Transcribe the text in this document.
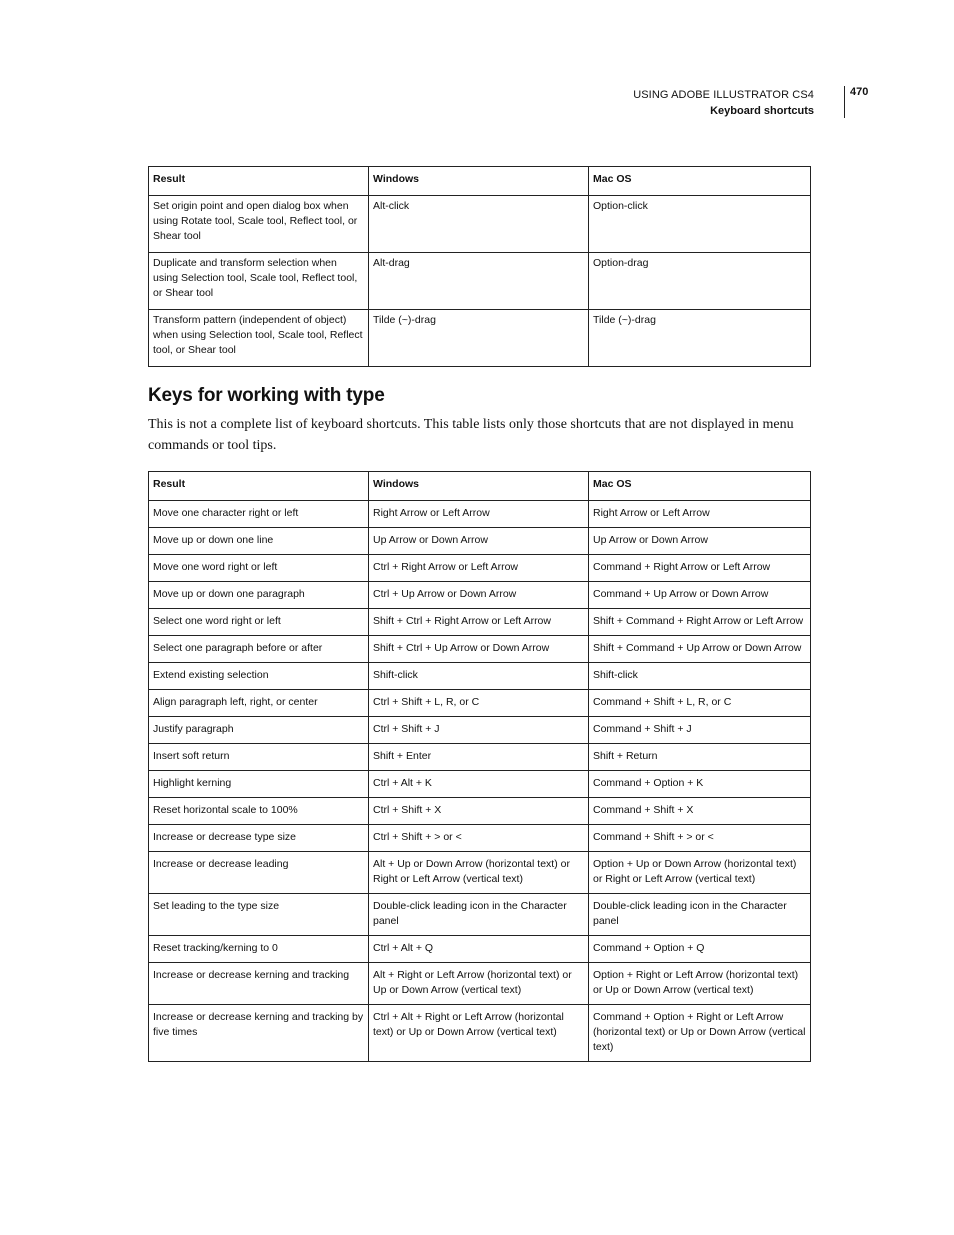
USING ADOBE ILLUSTRATOR CS4
Keyboard shortcuts
470
Result	Windows	Mac OS
Set origin point and open dialog box when using Rotate tool, Scale tool, Reflect tool, or Shear tool	Alt-click	Option-click
Duplicate and transform selection when using Selection tool, Scale tool, Reflect tool, or Shear tool	Alt-drag	Option-drag
Transform pattern (independent of object) when using Selection tool, Scale tool, Reflect tool, or Shear tool	Tilde (~)-drag	Tilde (~)-drag
Keys for working with type

This is not a complete list of keyboard shortcuts. This table lists only those shortcuts that are not displayed in menu commands or tool tips.

Result	Windows	Mac OS
Move one character right or left	Right Arrow or Left Arrow	Right Arrow or Left Arrow
Move up or down one line	Up Arrow or Down Arrow	Up Arrow or Down Arrow
Move one word right or left	Ctrl + Right Arrow or Left Arrow	Command + Right Arrow or Left Arrow
Move up or down one paragraph	Ctrl + Up Arrow or Down Arrow	Command + Up Arrow or Down Arrow
Select one word right or left	Shift + Ctrl + Right Arrow or Left Arrow	Shift + Command + Right Arrow or Left Arrow
Select one paragraph before or after	Shift + Ctrl + Up Arrow or Down Arrow	Shift + Command + Up Arrow or Down Arrow
Extend existing selection	Shift-click	Shift-click
Align paragraph left, right, or center	Ctrl + Shift + L, R, or C	Command + Shift + L, R, or C
Justify paragraph	Ctrl + Shift + J	Command + Shift + J
Insert soft return	Shift + Enter	Shift + Return
Highlight kerning	Ctrl + Alt + K	Command + Option + K
Reset horizontal scale to 100%	Ctrl + Shift + X	Command + Shift + X
Increase or decrease type size	Ctrl + Shift + > or <	Command + Shift + > or <
Increase or decrease leading	Alt + Up or Down Arrow (horizontal text) or Right or Left Arrow (vertical text)	Option + Up or Down Arrow (horizontal text) or Right or Left Arrow (vertical text)
Set leading to the type size	Double-click leading icon in the Character panel	Double-click leading icon in the Character panel
Reset tracking/kerning to 0	Ctrl + Alt + Q	Command + Option + Q
Increase or decrease kerning and tracking	Alt + Right or Left Arrow (horizontal text) or Up or Down Arrow (vertical text)	Option + Right or Left Arrow (horizontal text) or Up or Down Arrow (vertical text)
Increase or decrease kerning and tracking by five times	Ctrl + Alt + Right or Left Arrow (horizontal text) or Up or Down Arrow (vertical text)	Command + Option + Right or Left Arrow (horizontal text) or Up or Down Arrow (vertical text)
